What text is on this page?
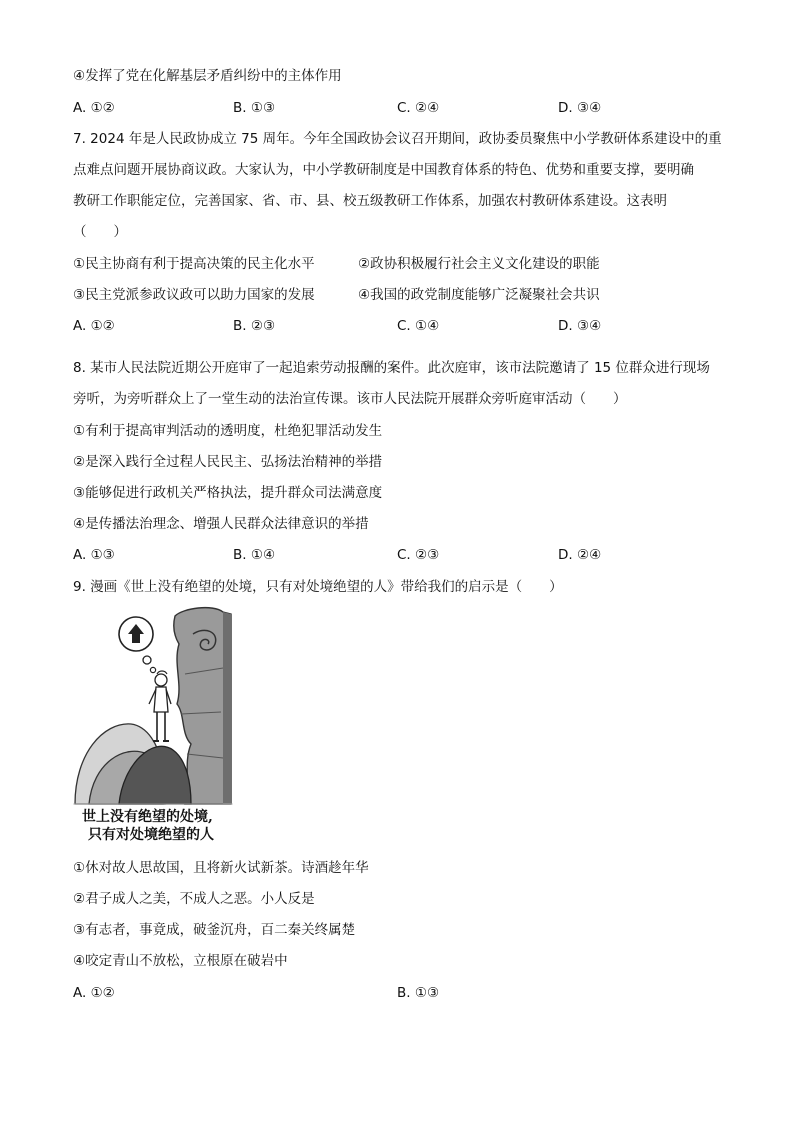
④发挥了党在化解基层矛盾纠纷中的主体作用
A. ①②	B. ①③	C. ②④	D. ③④
7. 2024 年是人民政协成立 75 周年。今年全国政协会议召开期间，政协委员聚焦中小学教研体系建设中的重
点难点问题开展协商议政。大家认为，中小学教研制度是中国教育体系的特色、优势和重要支撑，要明确
教研工作职能定位，完善国家、省、市、县、校五级教研工作体系，加强农村教研体系建设。这表明
（　　）
①民主协商有利于提高决策的民主化水平	②政协积极履行社会主义文化建设的职能
③民主党派参政议政可以助力国家的发展	④我国的政党制度能够广泛凝聚社会共识
A. ①②	B. ②③	C. ①④	D. ③④
8. 某市人民法院近期公开庭审了一起追索劳动报酬的案件。此次庭审，该市法院邀请了 15 位群众进行现场
旁听，为旁听群众上了一堂生动的法治宣传课。该市人民法院开展群众旁听庭审活动（　　）
①有利于提高审判活动的透明度，杜绝犯罪活动发生
②是深入践行全过程人民民主、弘扬法治精神的举措
③能够促进行政机关严格执法，提升群众司法满意度
④是传播法治理念、增强人民群众法律意识的举措
A. ①③	B. ①④	C. ②③	D. ②④
9. 漫画《世上没有绝望的处境，只有对处境绝望的人》带给我们的启示是（　　）
世上没有绝望的处境,
只有对处境绝望的人
①休对故人思故国，且将新火试新茶。诗酒趁年华
②君子成人之美，不成人之恶。小人反是
③有志者，事竟成，破釜沉舟，百二秦关终属楚
④咬定青山不放松，立根原在破岩中
A. ①②	B. ①③
